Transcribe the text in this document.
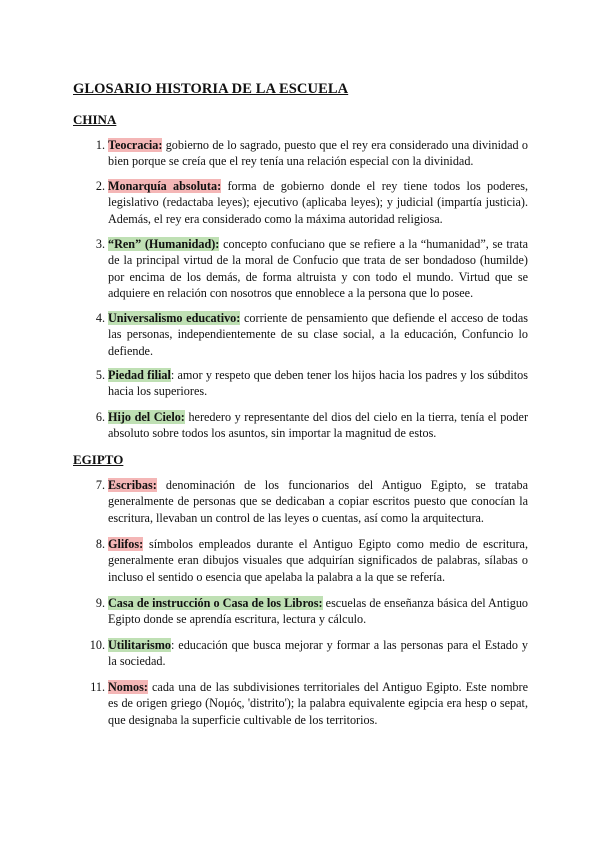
GLOSARIO HISTORIA DE LA ESCUELA
CHINA
1. Teocracia: gobierno de lo sagrado, puesto que el rey era considerado una divinidad o bien porque se creía que el rey tenía una relación especial con la divinidad.
2. Monarquía absoluta: forma de gobierno donde el rey tiene todos los poderes, legislativo (redactaba leyes); ejecutivo (aplicaba leyes); y judicial (impartía justicia). Además, el rey era considerado como la máxima autoridad religiosa.
3. “Ren” (Humanidad): concepto confuciano que se refiere a la “humanidad”, se trata de la principal virtud de la moral de Confucio que trata de ser bondadoso (humilde) por encima de los demás, de forma altruista y con todo el mundo. Virtud que se adquiere en relación con nosotros que ennoblece a la persona que lo posee.
4. Universalismo educativo: corriente de pensamiento que defiende el acceso de todas las personas, independientemente de su clase social, a la educación, Confuncio lo defiende.
5. Piedad filial: amor y respeto que deben tener los hijos hacia los padres y los súbditos hacia los superiores.
6. Hijo del Cielo: heredero y representante del dios del cielo en la tierra, tenía el poder absoluto sobre todos los asuntos, sin importar la magnitud de estos.
EGIPTO
7. Escribas: denominación de los funcionarios del Antiguo Egipto, se trataba generalmente de personas que se dedicaban a copiar escritos puesto que conocían la escritura, llevaban un control de las leyes o cuentas, así como la arquitectura.
8. Glifos: símbolos empleados durante el Antiguo Egipto como medio de escritura, generalmente eran dibujos visuales que adquirían significados de palabras, sílabas o incluso el sentido o esencia que apelaba la palabra a la que se refería.
9. Casa de instrucción o Casa de los Libros: escuelas de enseñanza básica del Antiguo Egipto donde se aprendía escritura, lectura y cálculo.
10. Utilitarismo: educación que busca mejorar y formar a las personas para el Estado y la sociedad.
11. Nomos: cada una de las subdivisiones territoriales del Antiguo Egipto. Este nombre es de origen griego (Νομός, 'distrito'); la palabra equivalente egipcia era hesp o sepat, que designaba la superficie cultivable de los territorios.
